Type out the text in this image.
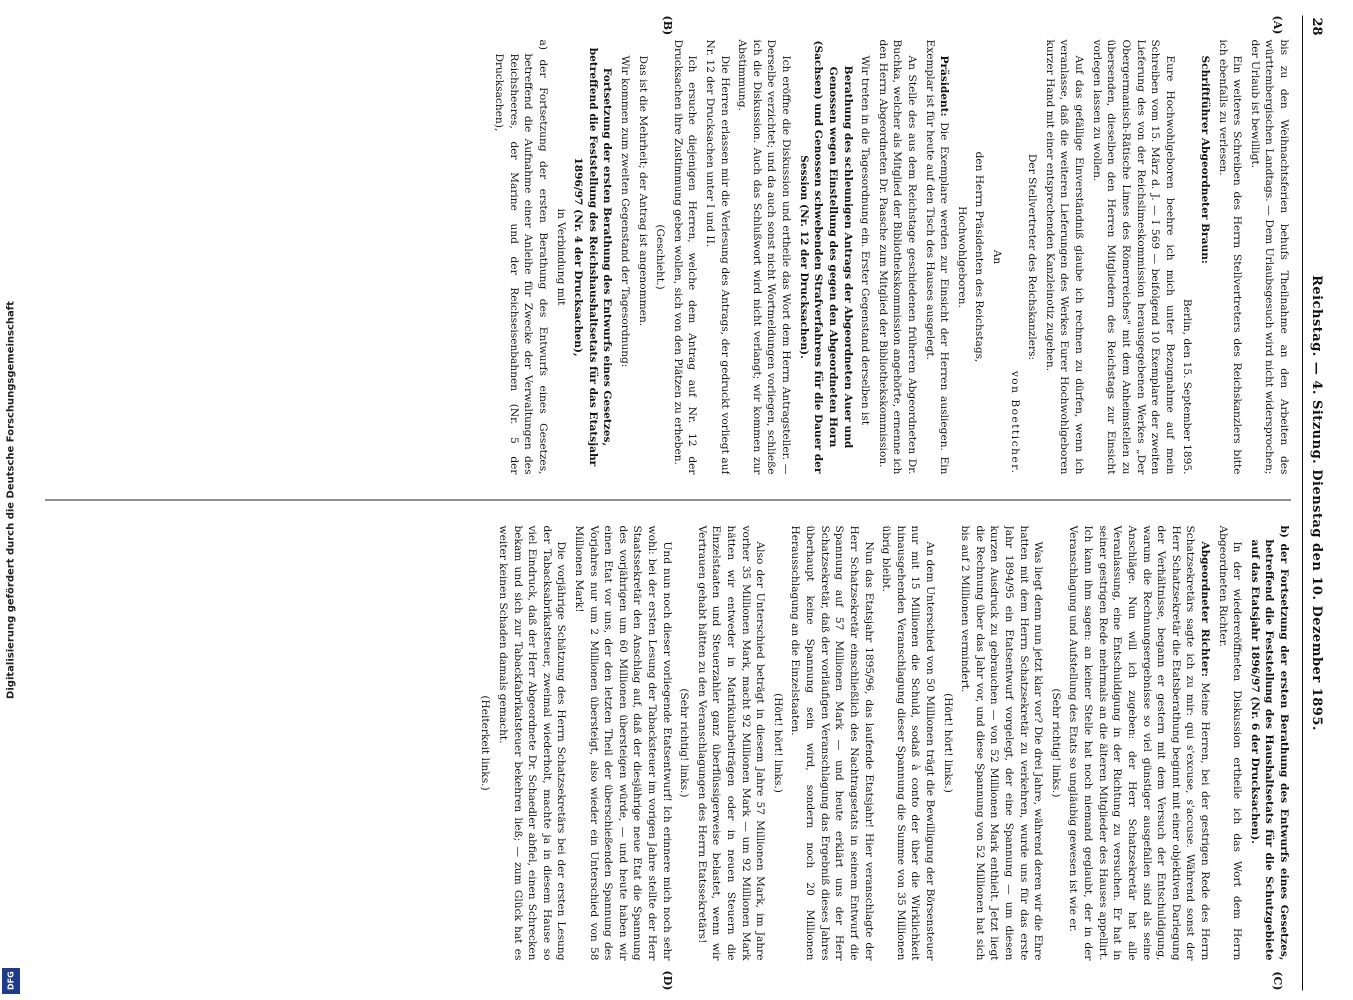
Digitalisierung gefördert durch die Deutsche Forschungsgemeinschaft
DFG
28
Reichstag. — 4. Sitzung. Dienstag den 10. Dezember 1895.
(A)
(B)
(C)
(D)

bis zu den Weihnachtsferien behufs Theilnahme an den Arbeiten des württembergischen Landtags. — Dem Urlaubsgesuch wird nicht widersprochen; der Urlaub ist bewilligt.

Ein weiteres Schreiben des Herrn Stellvertreters des Reichskanzlers bitte ich ebenfalls zu verlesen.

Schriftführer Abgeordneter Braun:

Berlin, den 15. September 1895.

Eure Hochwohlgeboren beehre ich mich unter Bezugnahme auf mein Schreiben vom 15. März d. J. — I 569 — beifolgend 10 Exemplare der zweiten Lieferung des von der Reichslimeskommission herausgegebenen Werkes „Der Obergermanisch-Rätische Limes des Römerreiches" mit dem Anheimstellen zu übersenden, dieselben den Herren Mitgliedern des Reichstags zur Einsicht vorlegen lassen zu wollen.

Auf das gefällige Einverständniß glaube ich rechnen zu dürfen, wenn ich veranlasse, daß die weiteren Lieferungen des Werkes Eurer Hochwohlgeboren kurzer Hand mit einer entsprechenden Kanzleinotiz zugehen.

Der Stellvertreter des Reichskanzlers:

von Boetticher.

An

den Herrn Präsidenten des Reichstags,

Hochwohlgeboren.

Präsident: Die Exemplare werden zur Einsicht der Herren ausliegen. Ein Exemplar ist für heute auf den Tisch des Hauses ausgelegt.

An Stelle des aus dem Reichstage geschiedenen früheren Abgeordneten Dr. Buchka, welcher als Mitglied der Bibliothekskommission angehörte, ernenne ich den Herrn Abgeordneten Dr. Paasche zum Mitglied der Bibliothekskommission.

Wir treten in die Tagesordnung ein. Erster Gegenstand derselben ist

Berathung des schleunigen Antrags der Abgeordneten Auer und Genossen wegen Einstellung des gegen den Abgeordneten Horn (Sachsen) und Genossen schwebenden Strafverfahrens für die Dauer der Session (Nr. 12 der Drucksachen).

Ich eröffne die Diskussion und ertheile das Wort dem Herrn Antragsteller. — Derselbe verzichtet; und da auch sonst nicht Wortmeldungen vorliegen, schließe ich die Diskussion. Auch das Schlußwort wird nicht verlangt; wir kommen zur Abstimmung.

Die Herren erlassen mir die Verlesung des Antrags, der gedruckt vorliegt auf Nr. 12 der Drucksachen unter I und II.

Ich ersuche diejenigen Herren, welche dem Antrag auf Nr. 12 der Drucksachen ihre Zustimmung geben wollen, sich von den Plätzen zu erheben.

(Geschieht.)

Das ist die Mehrheit; der Antrag ist angenommen.

Wir kommen zum zweiten Gegenstand der Tagesordnung:

Fortsetzung der ersten Berathung des Entwurfs eines Gesetzes, betreffend die Feststellung des Reichshaushaltsetats für das Etatsjahr 1896/97 (Nr. 4 der Drucksachen),

in Verbindung mit

a) der Fortsetzung der ersten Berathung des Entwurfs eines Gesetzes, betreffend die Aufnahme einer Anleihe für Zwecke der Verwaltungen des Reichsheeres, der Marine und der Reichseisenbahnen (Nr. 5 der Drucksachen),

b) der Fortsetzung der ersten Berathung des Entwurfs eines Gesetzes, betreffend die Feststellung des Haushaltsetats für die Schutzgebiete auf das Etatsjahr 1896/97 (Nr. 6 der Drucksachen).

In der wiedereröffneten Diskussion ertheile ich das Wort dem Herrn Abgeordneten Richter.

Abgeordneter Richter: Meine Herren, bei der gestrigen Rede des Herrn Schatzsekretärs sagte ich zu mir: qui s'excuse, s'accuse. Während sonst der Herr Schatzsekretär die Etatsberathung beginnt mit einer objektiven Darlegung der Verhältnisse, begann er gestern mit dem Versuch der Entschuldigung, warum die Rechnungsergebnisse so viel günstiger ausgefallen sind als seine Anschläge. Nun will ich zugeben: der Herr Schatzsekretär hat alle Veranlassung, eine Entschuldigung in der Richtung zu versuchen. Er hat in seiner gestrigen Rede mehrmals an die älteren Mitglieder des Hauses appellirt. Ich kann ihm sagen: an keiner Stelle hat noch niemand geglaubt, der in der Veranschlagung und Aufstellung des Etats so ungläubig gewesen ist wie er.

(Sehr richtig! links.)

Was liegt denn nun jetzt klar vor? Die drei Jahre, während deren wir die Ehre hatten mit dem Herrn Schatzsekretär zu verkehren, wurde uns für das erste Jahr 1894/95 ein Etatsentwurf vorgelegt, der eine Spannung — um diesen kurzen Ausdruck zu gebrauchen — von 52 Millionen Mark enthielt. Jetzt liegt die Rechnung über das Jahr vor, und diese Spannung von 52 Millionen hat sich bis auf 2 Millionen vermindert.

(Hört! hört! links.)

An dem Unterschied von 50 Millionen trägt die Bewilligung der Börsensteuer nur mit 15 Millionen die Schuld, sodaß à conto der über die Wirklichkeit hinausgehenden Veranschlagung dieser Spannung die Summe von 35 Millionen übrig bleibt.

Nun das Etatsjahr 1895/96, das laufende Etatsjahr! Hier veranschlagte der Herr Schatzsekretär einschließlich des Nachtragsetats in seinem Entwurf die Spannung auf 57 Millionen Mark — und heute erklärt uns der Herr Schatzsekretär, daß der vorläufigen Veranschlagung das Ergebniß dieses Jahres überhaupt keine Spannung sein wird, sondern noch 20 Millionen Herausschlagung an die Einzelstaaten.

(Hört! hört! links.)

Also der Unterschied beträgt in diesem Jahre 57 Millionen Mark, im Jahre vorher 35 Millionen Mark, macht 92 Millionen Mark — um 92 Millionen Mark hätten wir entweder in Matrikularbeiträgen oder in neuen Steuern die Einzelstaaten und Steuerzahler ganz überflüssigerweise belastet, wenn wir Vertrauen gehabt hätten zu den Veranschlagungen des Herrn Etatssekretärs!

(Sehr richtig! links.)

Und nun noch dieser vorliegende Etatsentwurf! Ich erinnere mich noch sehr wohl: bei der ersten Lesung der Tabacksteuer im vorigen Jahre stellte der Herr Staatssekretär den Anschlag auf, daß der diesjährige neue Etat die Spannung des vorjährigen um 60 Millionen übersteigen würde, — und heute haben wir einen Etat vor uns, der den letzten Theil der überschießenden Spannung des Vorjahres nur um 2 Millionen übersteigt, also wieder ein Unterschied von 58 Millionen Mark!

Die vorjährige Schätzung des Herrn Schatzsekretärs bei der ersten Lesung der Tabacksabrikatsteuer, zweimal wiederholt, machte ja in diesem Hause so viel Eindruck, daß der Herr Abgeordnete Dr. Schaedler abfiel, einen Schrecken bekam und sich zur Tabackfabrikatsteuer bekehren ließ; — zum Glück hat es weiter keinen Schaden damals gemacht.

(Heiterkeit links.)
